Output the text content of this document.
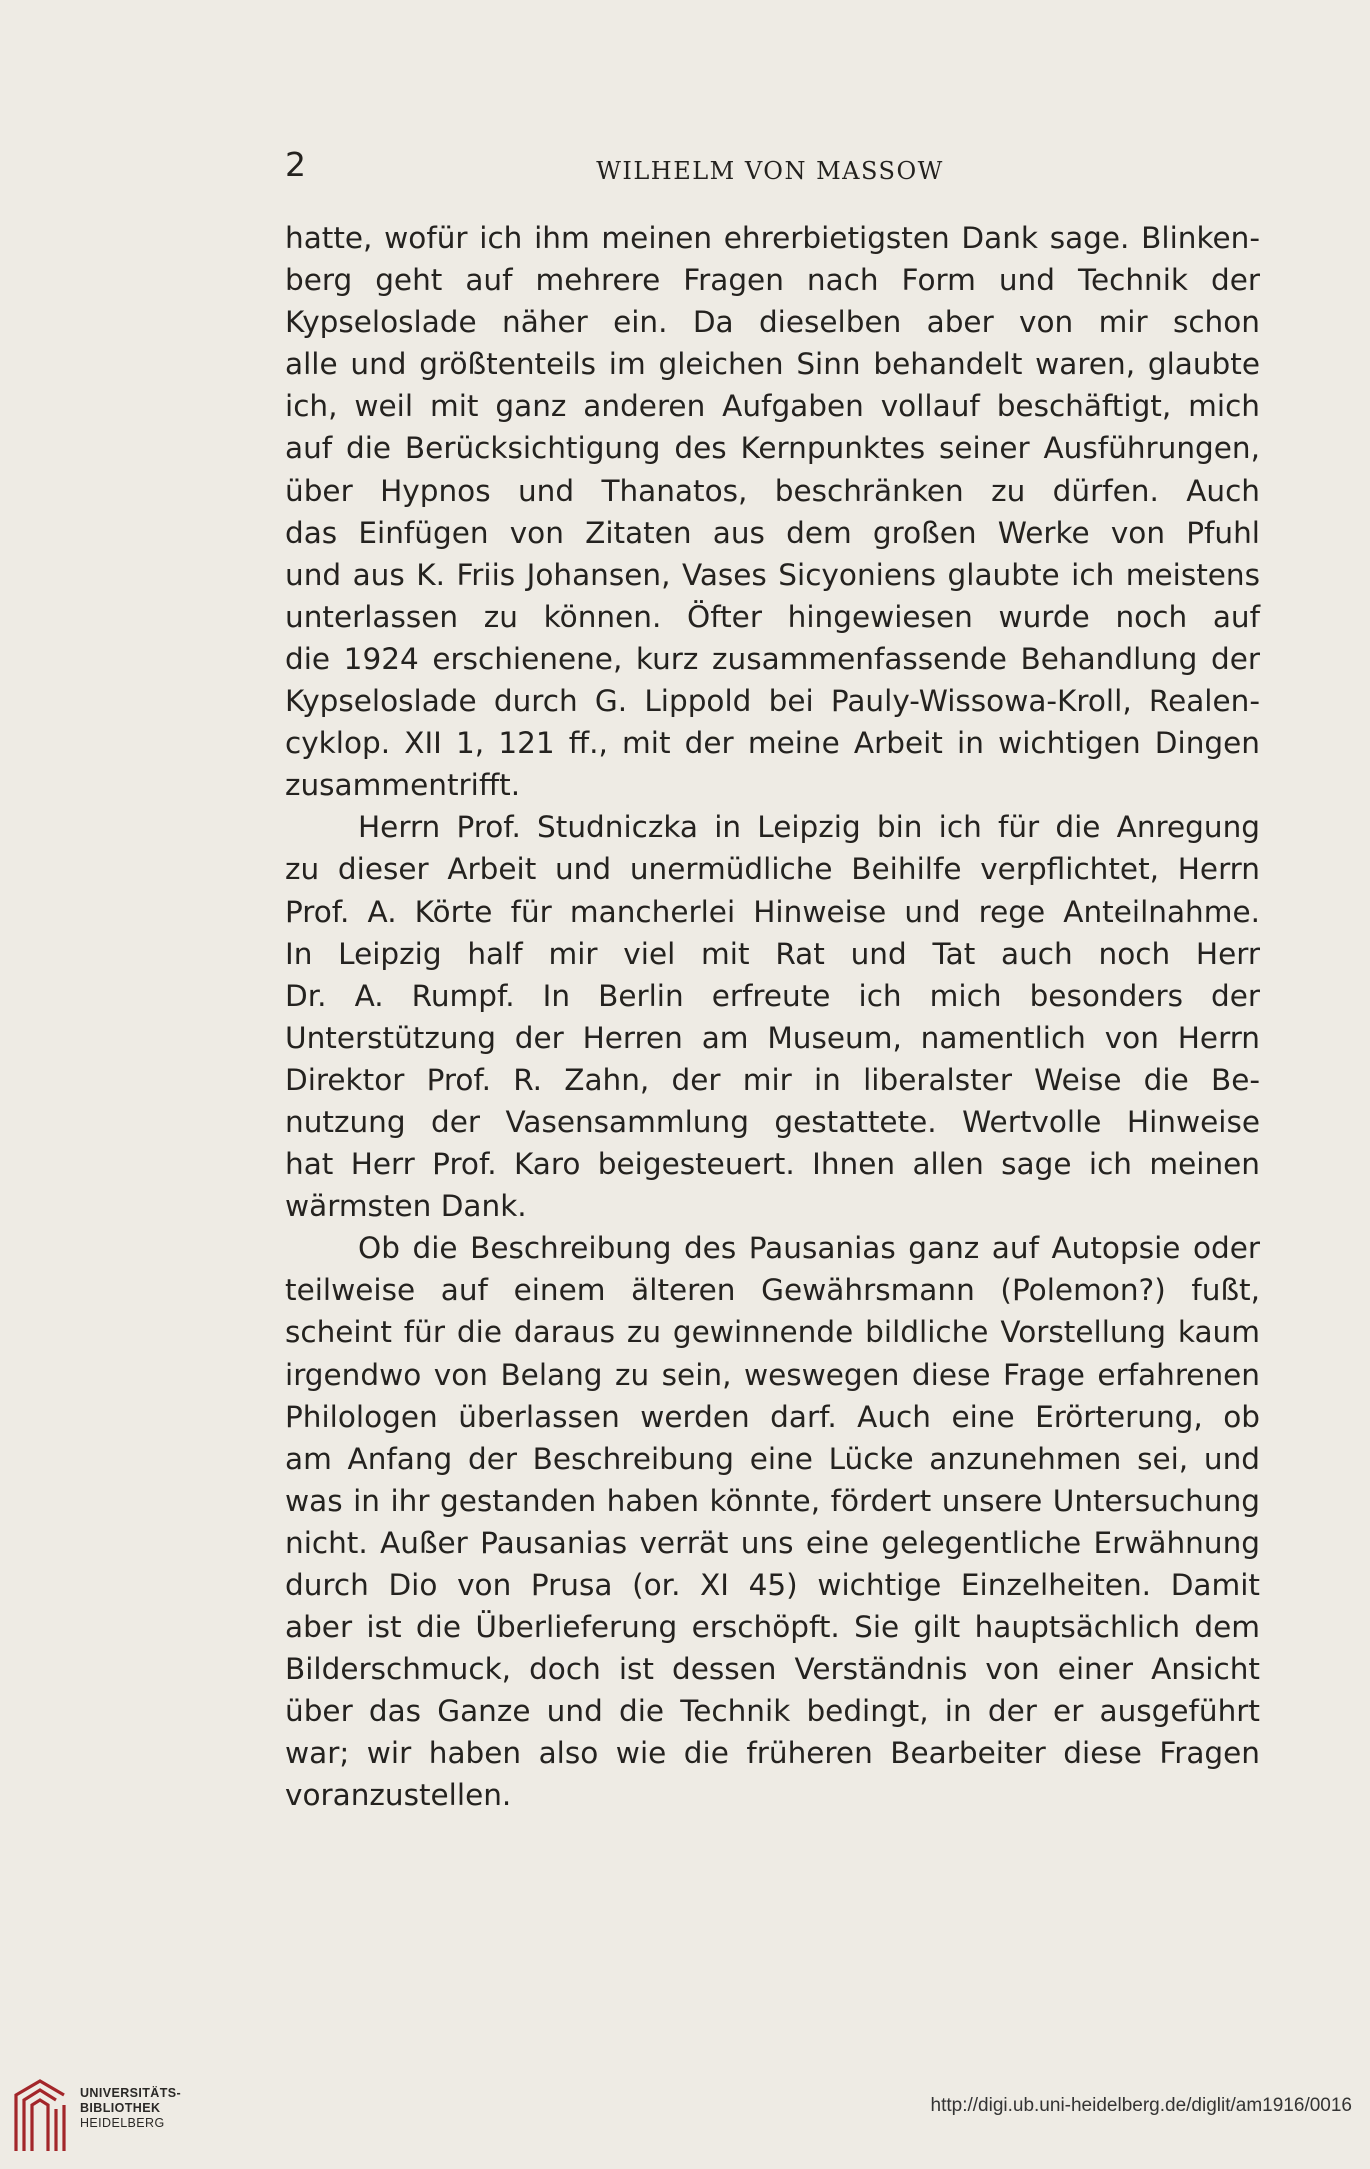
2	WILHELM VON MASSOW
hatte, wofür ich ihm meinen ehrerbietigsten Dank sage. Blinken-
berg geht auf mehrere Fragen nach Form und Technik der
Kypseloslade näher ein. Da dieselben aber von mir schon
alle und größtenteils im gleichen Sinn behandelt waren, glaubte
ich, weil mit ganz anderen Aufgaben vollauf beschäftigt, mich
auf die Berücksichtigung des Kernpunktes seiner Ausführungen,
über Hypnos und Thanatos, beschränken zu dürfen. Auch
das Einfügen von Zitaten aus dem großen Werke von Pfuhl
und aus K. Friis Johansen, Vases Sicyoniens glaubte ich meistens
unterlassen zu können. Öfter hingewiesen wurde noch auf
die 1924 erschienene, kurz zusammenfassende Behandlung der
Kypseloslade durch G. Lippold bei Pauly-Wissowa-Kroll, Realen-
cyklop. XII 1, 121 ff., mit der meine Arbeit in wichtigen Dingen
zusammentrifft.
Herrn Prof. Studniczka in Leipzig bin ich für die Anregung
zu dieser Arbeit und unermüdliche Beihilfe verpflichtet, Herrn
Prof. A. Körte für mancherlei Hinweise und rege Anteilnahme.
In Leipzig half mir viel mit Rat und Tat auch noch Herr
Dr. A. Rumpf. In Berlin erfreute ich mich besonders der
Unterstützung der Herren am Museum, namentlich von Herrn
Direktor Prof. R. Zahn, der mir in liberalster Weise die Be-
nutzung der Vasensammlung gestattete. Wertvolle Hinweise
hat Herr Prof. Karo beigesteuert. Ihnen allen sage ich meinen
wärmsten Dank.
Ob die Beschreibung des Pausanias ganz auf Autopsie oder
teilweise auf einem älteren Gewährsmann (Polemon?) fußt,
scheint für die daraus zu gewinnende bildliche Vorstellung kaum
irgendwo von Belang zu sein, weswegen diese Frage erfahrenen
Philologen überlassen werden darf. Auch eine Erörterung, ob
am Anfang der Beschreibung eine Lücke anzunehmen sei, und
was in ihr gestanden haben könnte, fördert unsere Untersuchung
nicht. Außer Pausanias verrät uns eine gelegentliche Erwähnung
durch Dio von Prusa (or. XI 45) wichtige Einzelheiten. Damit
aber ist die Überlieferung erschöpft. Sie gilt hauptsächlich dem
Bilderschmuck, doch ist dessen Verständnis von einer Ansicht
über das Ganze und die Technik bedingt, in der er ausgeführt
war; wir haben also wie die früheren Bearbeiter diese Fragen
voranzustellen.
UNIVERSITÄTS-
BIBLIOTHEK
HEIDELBERG
http://digi.ub.uni-heidelberg.de/diglit/am1916/0016
